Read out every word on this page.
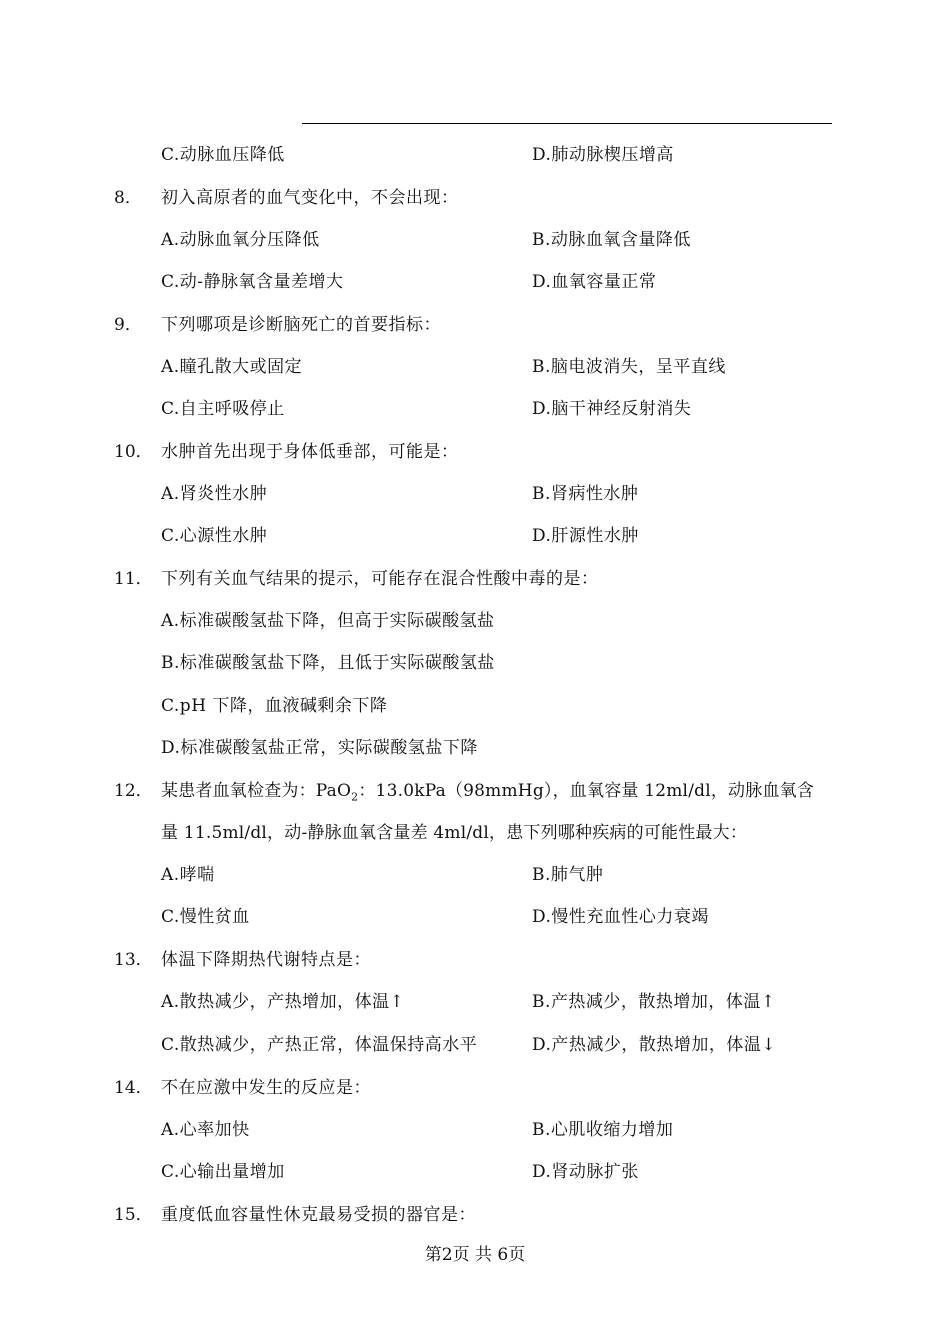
C.动脉血压降低	D.肺动脉楔压增高
8． 初入高原者的血气变化中，不会出现：
A.动脉血氧分压降低	B.动脉血氧含量降低
C.动-静脉氧含量差增大	D.血氧容量正常
9． 下列哪项是诊断脑死亡的首要指标：
A.瞳孔散大或固定	B.脑电波消失，呈平直线
C.自主呼吸停止	D.脑干神经反射消失
10． 水肿首先出现于身体低垂部，可能是：
A.肾炎性水肿	B.肾病性水肿
C.心源性水肿	D.肝源性水肿
11． 下列有关血气结果的提示，可能存在混合性酸中毒的是：
A.标准碳酸氢盐下降，但高于实际碳酸氢盐
B.标准碳酸氢盐下降，且低于实际碳酸氢盐
C.pH 下降，血液碱剩余下降
D.标准碳酸氢盐正常，实际碳酸氢盐下降
12． 某患者血氧检查为：PaO$_2$：13.0kPa（98mmHg），血氧容量 12ml/dl，动脉血氧含
量 11.5ml/dl，动-静脉血氧含量差 4ml/dl，患下列哪种疾病的可能性最大：
A.哮喘	B.肺气肿
C.慢性贫血	D.慢性充血性心力衰竭
13． 体温下降期热代谢特点是：
A.散热减少，产热增加，体温↑	B.产热减少，散热增加，体温↑
C.散热减少，产热正常，体温保持高水平	D.产热减少，散热增加，体温↓
14． 不在应激中发生的反应是：
A.心率加快	B.心肌收缩力增加
C.心输出量增加	D.肾动脉扩张
15． 重度低血容量性休克最易受损的器官是：
第2页 共 6页
